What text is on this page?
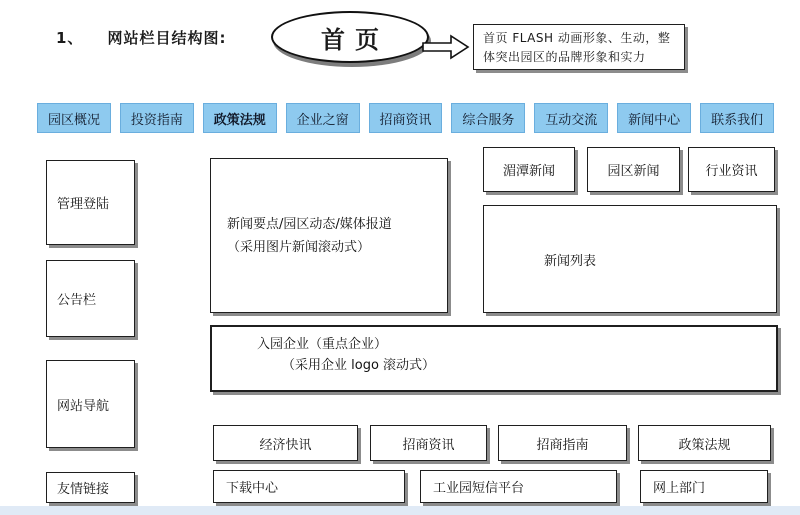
1、 网站栏目结构图:	首页	首页 FLASH 动画形象、生动，整
体突出园区的品牌形象和实力
园区概况	投资指南	政策法规	企业之窗	招商资讯	综合服务	互动交流	新闻中心	联系我们
管理登陆
公告栏
网站导航
友情链接
新闻要点/园区动态/媒体报道
（采用图片新闻滚动式）
湄潭新闻	园区新闻	行业资讯
新闻列表
入园企业（重点企业）
（采用企业 logo 滚动式）
经济快讯	招商资讯	招商指南	政策法规
下载中心	工业园短信平台	网上部门
